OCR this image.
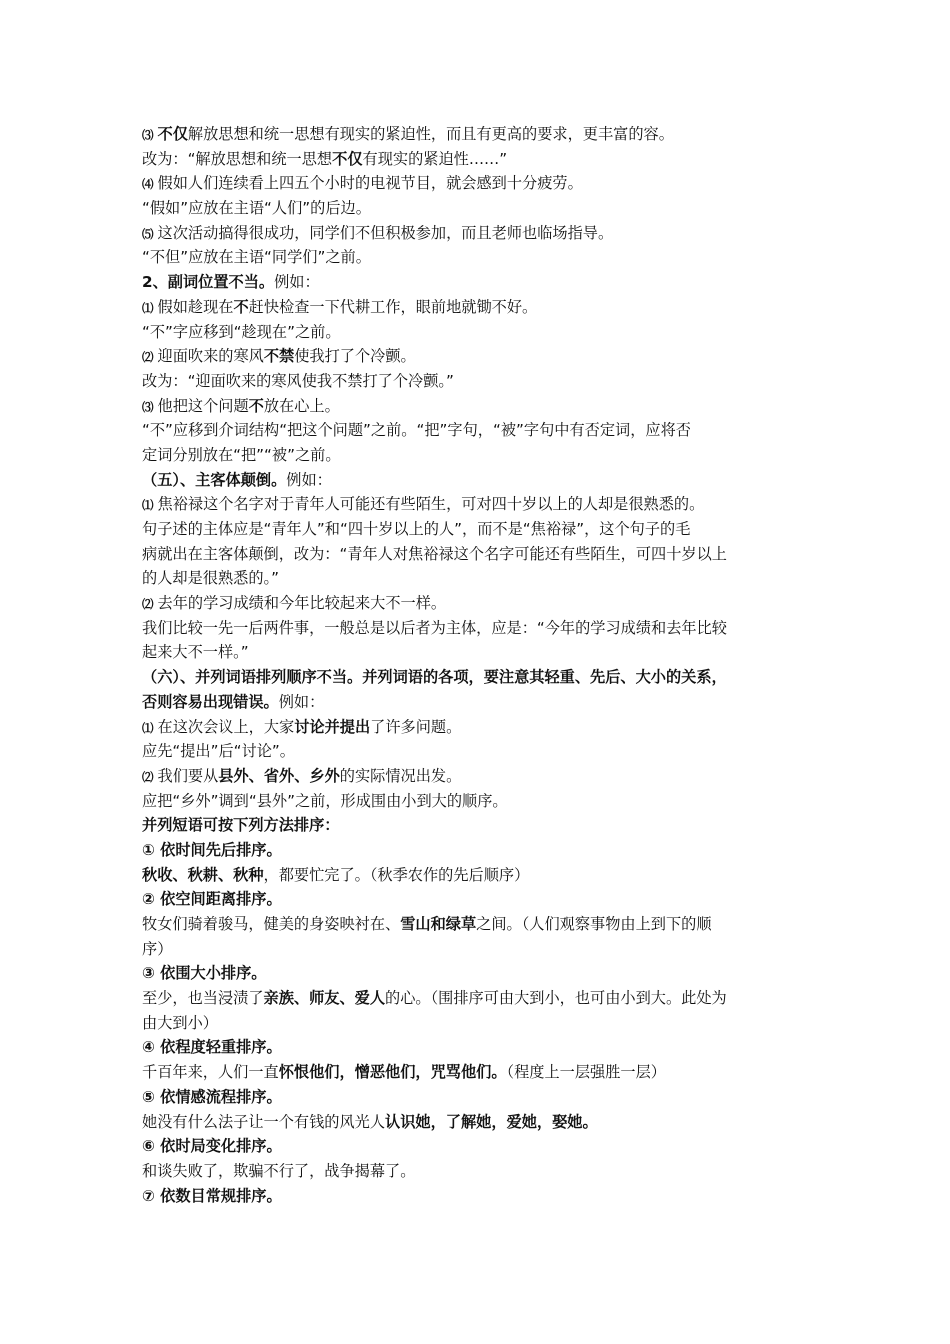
⑶ 不仅解放思想和统一思想有现实的紧迫性，而且有更高的要求，更丰富的容。
改为：“解放思想和统一思想不仅有现实的紧迫性……”
⑷ 假如人们连续看上四五个小时的电视节目，就会感到十分疲劳。
“假如”应放在主语“人们”的后边。
⑸ 这次活动搞得很成功，同学们不但积极参加，而且老师也临场指导。
“不但”应放在主语“同学们”之前。
2、副词位置不当。例如：
⑴ 假如趁现在不赶快检查一下代耕工作，眼前地就锄不好。
“不”字应移到“趁现在”之前。
⑵ 迎面吹来的寒风不禁使我打了个冷颤。
改为：“迎面吹来的寒风使我不禁打了个冷颤。”
⑶ 他把这个问题不放在心上。
“不”应移到介词结构“把这个问题”之前。“把”字句，“被”字句中有否定词，应将否
定词分别放在“把”“被”之前。
（五）、主客体颠倒。例如：
⑴ 焦裕禄这个名字对于青年人可能还有些陌生，可对四十岁以上的人却是很熟悉的。
句子述的主体应是“青年人”和“四十岁以上的人”，而不是“焦裕禄”，这个句子的毛
病就出在主客体颠倒，改为：“青年人对焦裕禄这个名字可能还有些陌生，可四十岁以上
的人却是很熟悉的。”
⑵ 去年的学习成绩和今年比较起来大不一样。
我们比较一先一后两件事，一般总是以后者为主体，应是：“今年的学习成绩和去年比较
起来大不一样。”
（六）、并列词语排列顺序不当。并列词语的各项，要注意其轻重、先后、大小的关系，
否则容易出现错误。例如：
⑴ 在这次会议上，大家讨论并提出了许多问题。
应先“提出”后“讨论”。
⑵ 我们要从县外、省外、乡外的实际情况出发。
应把“乡外”调到“县外”之前，形成围由小到大的顺序。
并列短语可按下列方法排序：
① 依时间先后排序。
秋收、秋耕、秋种，都要忙完了。（秋季农作的先后顺序）
② 依空间距离排序。
牧女们骑着骏马，健美的身姿映衬在、雪山和绿草之间。（人们观察事物由上到下的顺
序）
③ 依围大小排序。
至少，也当浸渍了亲族、师友、爱人的心。（围排序可由大到小，也可由小到大。此处为
由大到小）
④ 依程度轻重排序。
千百年来，人们一直怀恨他们，憎恶他们，咒骂他们。（程度上一层强胜一层）
⑤ 依情感流程排序。
她没有什么法子让一个有钱的风光人认识她，了解她，爱她，娶她。
⑥ 依时局变化排序。
和谈失败了，欺骗不行了，战争揭幕了。
⑦ 依数目常规排序。
